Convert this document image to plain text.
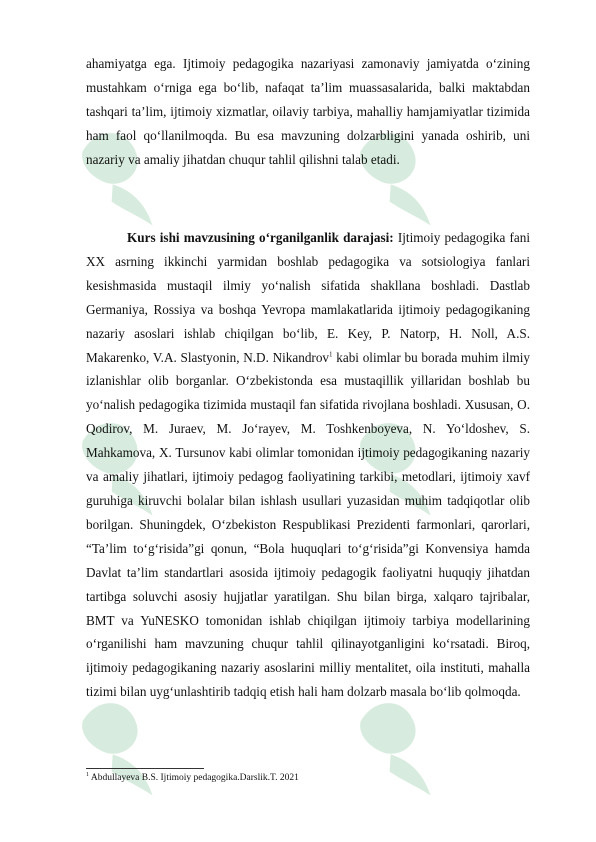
ahamiyatga ega. Ijtimoiy pedagogika nazariyasi zamonaviy jamiyatda o‘zining mustahkam o‘rniga ega bo‘lib, nafaqat ta’lim muassasalarida, balki maktabdan tashqari ta’lim, ijtimoiy xizmatlar, oilaviy tarbiya, mahalliy hamjamiyatlar tizimida ham faol qo‘llanilmoqda. Bu esa mavzuning dolzarbligini yanada oshirib, uni nazariy va amaliy jihatdan chuqur tahlil qilishni talab etadi.

Kurs ishi mavzusining o‘rganilganlik darajasi: Ijtimoiy pedagogika fani XX asrning ikkinchi yarmidan boshlab pedagogika va sotsiologiya fanlari kesishmasida mustaqil ilmiy yo‘nalish sifatida shakllana boshladi. Dastlab Germaniya, Rossiya va boshqa Yevropa mamlakatlarida ijtimoiy pedagogikaning nazariy asoslari ishlab chiqilgan bo‘lib, E. Key, P. Natorp, H. Noll, A.S. Makarenko, V.A. Slastyonin, N.D. Nikandrov$^1$ kabi olimlar bu borada muhim ilmiy izlanishlar olib borganlar. O‘zbekistonda esa mustaqillik yillaridan boshlab bu yo‘nalish pedagogika tizimida mustaqil fan sifatida rivojlana boshladi. Xususan, O. Qodirov, M. Juraev, M. Jo‘rayev, M. Toshkenboyeva, N. Yo‘ldoshev, S. Mahkamova, X. Tursunov kabi olimlar tomonidan ijtimoiy pedagogikaning nazariy va amaliy jihatlari, ijtimoiy pedagog faoliyatining tarkibi, metodlari, ijtimoiy xavf guruhiga kiruvchi bolalar bilan ishlash usullari yuzasidan muhim tadqiqotlar olib borilgan. Shuningdek, O‘zbekiston Respublikasi Prezidenti farmonlari, qarorlari, “Ta’lim to‘g‘risida”gi qonun, “Bola huquqlari to‘g‘risida”gi Konvensiya hamda Davlat ta’lim standartlari asosida ijtimoiy pedagogik faoliyatni huquqiy jihatdan tartibga soluvchi asosiy hujjatlar yaratilgan. Shu bilan birga, xalqaro tajribalar, BMT va YuNESKO tomonidan ishlab chiqilgan ijtimoiy tarbiya modellarining o‘rganilishi ham mavzuning chuqur tahlil qilinayotganligini ko‘rsatadi. Biroq, ijtimoiy pedagogikaning nazariy asoslarini milliy mentalitet, oila instituti, mahalla tizimi bilan uyg‘unlashtirib tadqiq etish hali ham dolzarb masala bo‘lib qolmoqda.

$^1$ Abdullayeva B.S. Ijtimoiy pedagogika.Darslik.T. 2021
